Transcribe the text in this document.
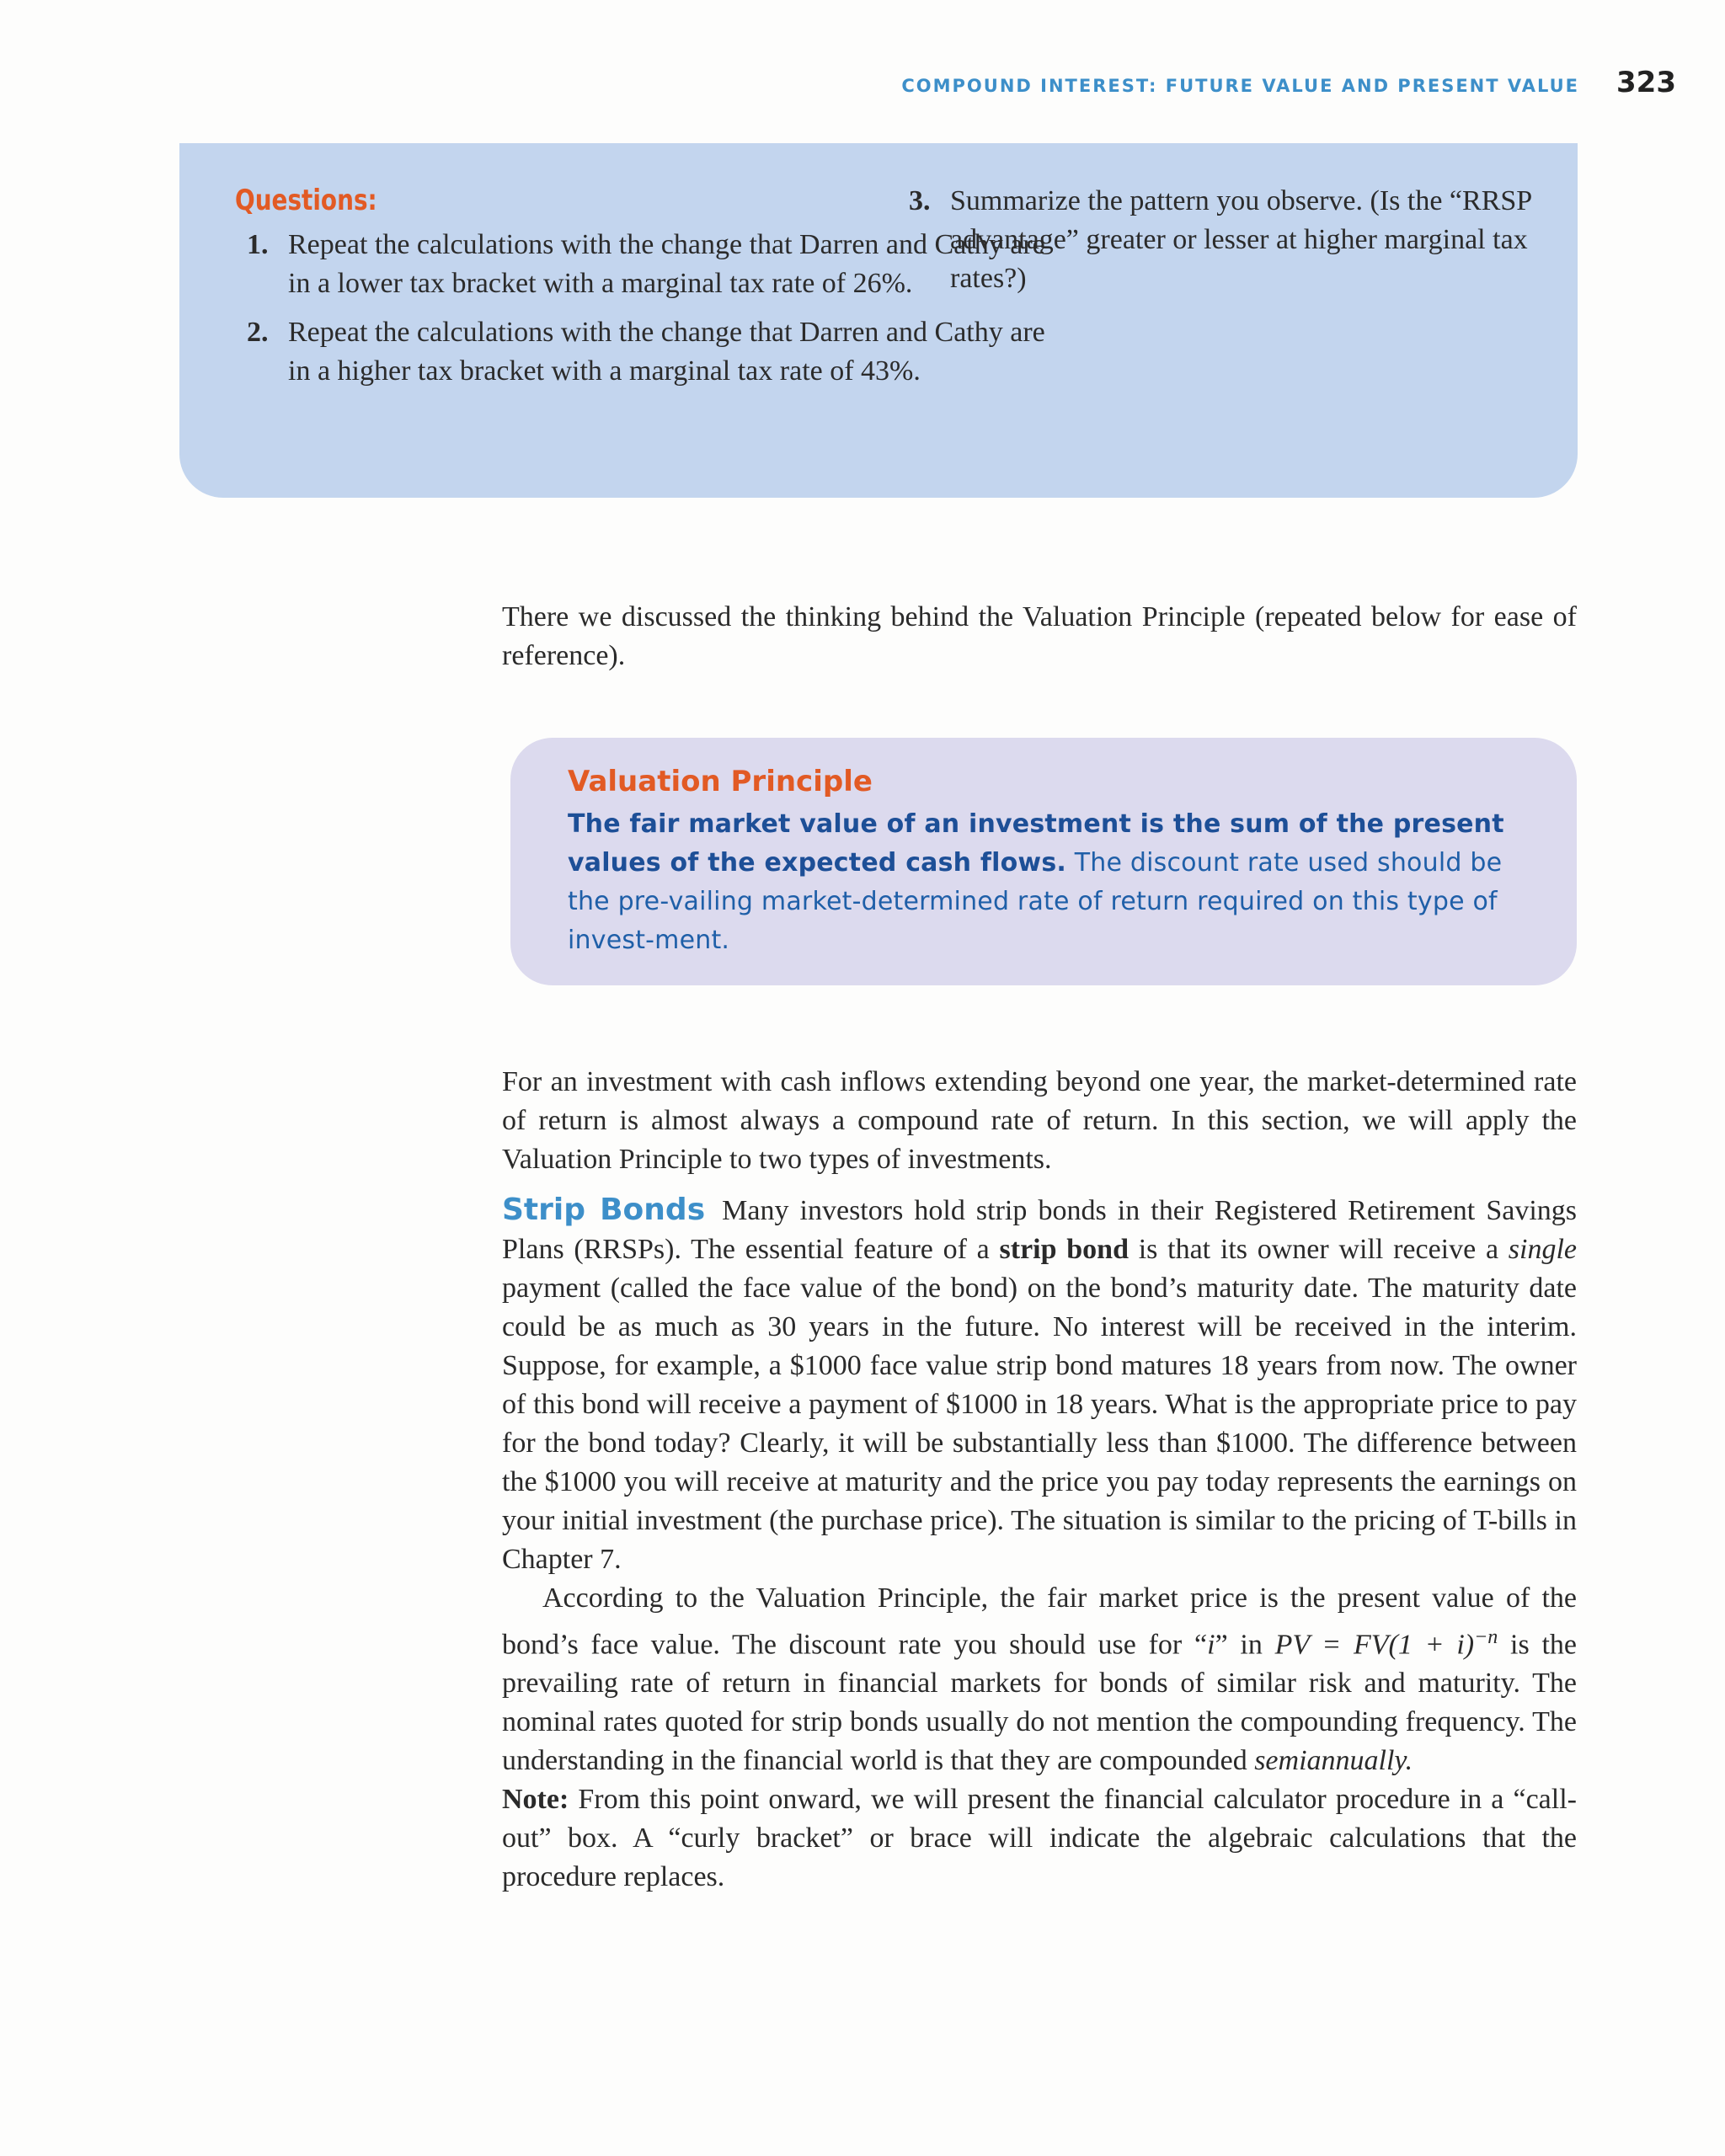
COMPOUND INTEREST: FUTURE VALUE AND PRESENT VALUE 323
Questions:
1. Repeat the calculations with the change that Darren and Cathy are in a lower tax bracket with a marginal tax rate of 26%.
2. Repeat the calculations with the change that Darren and Cathy are in a higher tax bracket with a marginal tax rate of 43%.
3. Summarize the pattern you observe. (Is the “RRSP advantage” greater or lesser at higher marginal tax rates?)

There we discussed the thinking behind the Valuation Principle (repeated below for ease of reference).

Valuation Principle

The fair market value of an investment is the sum of the present values of the expected cash flows. The discount rate used should be the pre-vailing market-determined rate of return required on this type of invest-ment.

For an investment with cash inflows extending beyond one year, the market-determined rate of return is almost always a compound rate of return. In this section, we will apply the Valuation Principle to two types of investments.

Strip Bonds Many investors hold strip bonds in their Registered Retirement Savings Plans (RRSPs). The essential feature of a strip bond is that its owner will receive a single payment (called the face value of the bond) on the bond’s maturity date. The maturity date could be as much as 30 years in the future. No interest will be received in the interim. Suppose, for example, a $1000 face value strip bond matures 18 years from now. The owner of this bond will receive a payment of $1000 in 18 years. What is the appropriate price to pay for the bond today? Clearly, it will be substantially less than $1000. The difference between the $1000 you will receive at maturity and the price you pay today represents the earnings on your initial investment (the purchase price). The situation is similar to the pricing of T-bills in Chapter 7.

According to the Valuation Principle, the fair market price is the present value of the bond’s face value. The discount rate you should use for “i” in PV = $FV(1 + i)^{-n}$ is the prevailing rate of return in financial markets for bonds of similar risk and maturity. The nominal rates quoted for strip bonds usually do not mention the compounding frequency. The understanding in the financial world is that they are compounded semiannually.

Note: From this point onward, we will present the financial calculator procedure in a “call-out” box. A “curly bracket” or brace will indicate the algebraic calculations that the procedure replaces.
